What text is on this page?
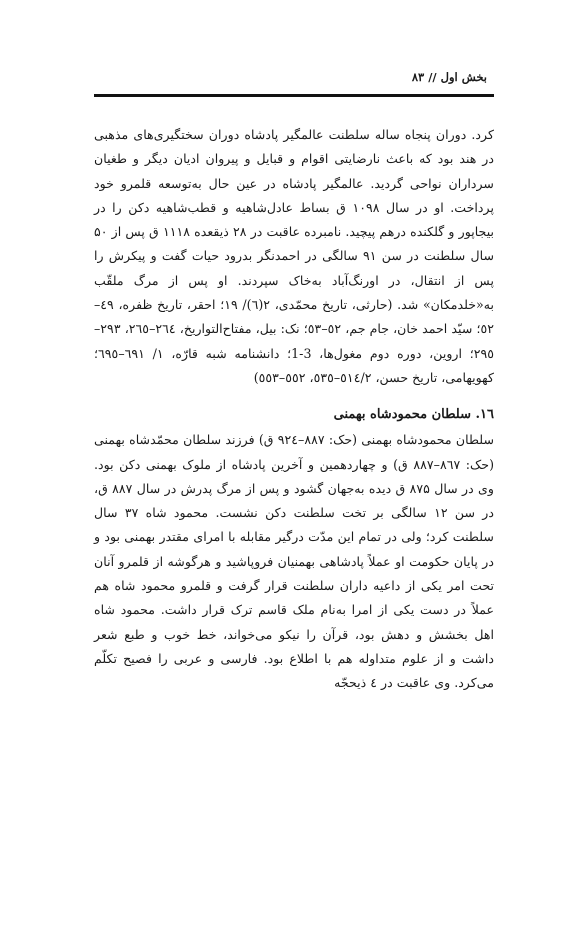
بخش اول // ٨٣

کرد. دوران پنجاه ساله سلطنت عالمگیر پادشاه دوران سختگیری‌های مذهبی در هند بود که باعث نارضایتی اقوام و قبایل و پیروان ادیان دیگر و طغیان سرداران نواحی گردید. عالمگیر پادشاه در عین حال به‌توسعه قلمرو خود پرداخت. او در سال ۱۰۹۸ ق بساط عادل‌شاهیه و قطب‌شاهیه دکن را در بیجاپور و گلکنده درهم پیچید. نامبرده عاقبت در ۲۸ ذیقعده ۱۱۱۸ ق پس از ۵۰ سال سلطنت در سن ۹۱ سالگی در احمدنگر بدرود حیات گفت و پیکرش را پس از انتقال، در اورنگ‌آباد به‌خاک سپردند. او پس از مرگ ملقّب به«خلدمکان» شد. (حارثی، تاریخ محمّدی، ۲(٦)/ ۱۹؛ احقر، تاریخ ظفره، ٤٩–٥٢؛ سیّد احمد خان، جام جم، ٥٢–٥٣؛ نک: بیل، مفتاح‌التواریخ، ٢٦٤–٢٦٥، ٢٩٣–٢٩٥؛ اروین، دوره دوم مغول‌ها، 3-1؛ دانشنامه شبه قارّه، ۱/ ٦٩١–٦٩٥؛ کهویهامی، تاریخ حسن، ٥١٤/٢–٥٣٥، ٥٥٢–٥٥٣)

١٦. سلطان محمودشاه بهمنی

سلطان محمودشاه بهمنی (حک: ۸۸۷–۹۲٤ ق) فرزند سلطان محمّدشاه بهمنی (حک: ۸٦٧–۸۸۷ ق) و چهاردهمین و آخرین پادشاه از ملوک بهمنی دکن بود. وی در سال ۸۷۵ ق دیده به‌جهان گشود و پس از مرگ پدرش در سال ۸۸۷ ق، در سن ۱۲ سالگی بر تخت سلطنت دکن نشست. محمود شاه ۳۷ سال سلطنت کرد؛ ولی در تمام این مدّت درگیر مقابله با امرای مقتدر بهمنی بود و در پایان حکومت او عملاً پادشاهی بهمنیان فروپاشید و هرگوشه از قلمرو آنان تحت امر یکی از داعیه داران سلطنت قرار گرفت و قلمرو محمود شاه هم عملاً در دست یکی از امرا به‌نام ملک قاسم ترک قرار داشت. محمود شاه اهل بخشش و دهش بود، قرآن را نیکو می‌خواند، خط خوب و طبع شعر داشت و از علوم متداوله هم با اطلاع بود. فارسی و عربی را فصیح تکلّم می‌کرد. وی عاقبت در ٤ ذیحجّه
